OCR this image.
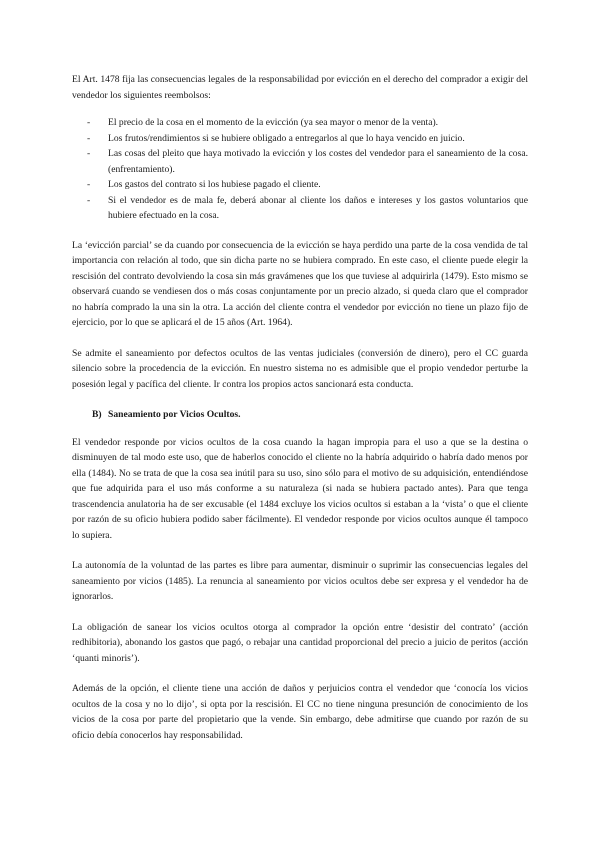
El Art. 1478 fija las consecuencias legales de la responsabilidad por evicción en el derecho del comprador a exigir del vendedor los siguientes reembolsos:

- El precio de la cosa en el momento de la evicción (ya sea mayor o menor de la venta).
- Los frutos/rendimientos si se hubiere obligado a entregarlos al que lo haya vencido en juicio.
- Las cosas del pleito que haya motivado la evicción y los costes del vendedor para el saneamiento de la cosa. (enfrentamiento).
- Los gastos del contrato si los hubiese pagado el cliente.
- Si el vendedor es de mala fe, deberá abonar al cliente los daños e intereses y los gastos voluntarios que hubiere efectuado en la cosa.

La ‘evicción parcial’ se da cuando por consecuencia de la evicción se haya perdido una parte de la cosa vendida de tal importancia con relación al todo, que sin dicha parte no se hubiera comprado. En este caso, el cliente puede elegir la rescisión del contrato devolviendo la cosa sin más gravámenes que los que tuviese al adquirirla (1479). Esto mismo se observará cuando se vendiesen dos o más cosas conjuntamente por un precio alzado, si queda claro que el comprador no habría comprado la una sin la otra. La acción del cliente contra el vendedor por evicción no tiene un plazo fijo de ejercicio, por lo que se aplicará el de 15 años (Art. 1964).

Se admite el saneamiento por defectos ocultos de las ventas judiciales (conversión de dinero), pero el CC guarda silencio sobre la procedencia de la evicción. En nuestro sistema no es admisible que el propio vendedor perturbe la posesión legal y pacífica del cliente. Ir contra los propios actos sancionará esta conducta.

B) Saneamiento por Vicios Ocultos.

El vendedor responde por vicios ocultos de la cosa cuando la hagan impropia para el uso a que se la destina o disminuyen de tal modo este uso, que de haberlos conocido el cliente no la habría adquirido o habría dado menos por ella (1484). No se trata de que la cosa sea inútil para su uso, sino sólo para el motivo de su adquisición, entendiéndose que fue adquirida para el uso más conforme a su naturaleza (si nada se hubiera pactado antes). Para que tenga trascendencia anulatoria ha de ser excusable (el 1484 excluye los vicios ocultos si estaban a la ‘vista’ o que el cliente por razón de su oficio hubiera podido saber fácilmente). El vendedor responde por vicios ocultos aunque él tampoco lo supiera.

La autonomía de la voluntad de las partes es libre para aumentar, disminuir o suprimir las consecuencias legales del saneamiento por vicios (1485). La renuncia al saneamiento por vicios ocultos debe ser expresa y el vendedor ha de ignorarlos.

La obligación de sanear los vicios ocultos otorga al comprador la opción entre ‘desistir del contrato’ (acción redhibitoria), abonando los gastos que pagó, o rebajar una cantidad proporcional del precio a juicio de peritos (acción ‘quanti minoris’).

Además de la opción, el cliente tiene una acción de daños y perjuicios contra el vendedor que ‘conocía los vicios ocultos de la cosa y no lo dijo’, si opta por la rescisión. El CC no tiene ninguna presunción de conocimiento de los vicios de la cosa por parte del propietario que la vende. Sin embargo, debe admitirse que cuando por razón de su oficio debía conocerlos hay responsabilidad.
